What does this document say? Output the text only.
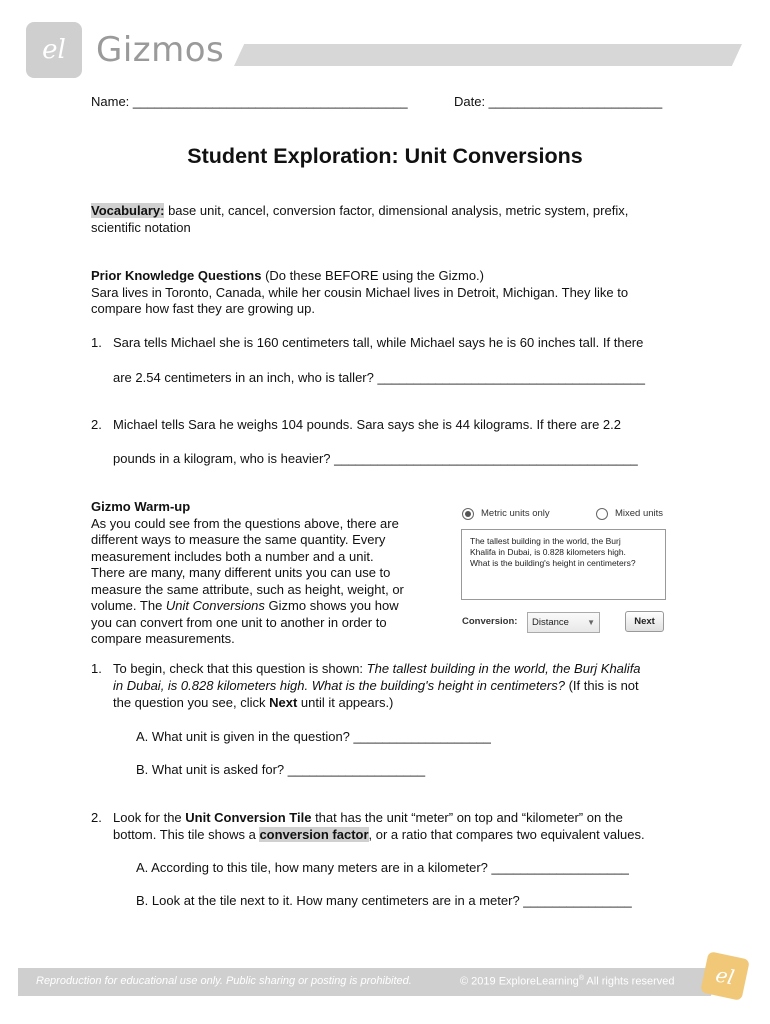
el Gizmos
Name: ______________________________________	Date: ________________________
Student Exploration: Unit Conversions
Vocabulary: base unit, cancel, conversion factor, dimensional analysis, metric system, prefix,
scientific notation
Prior Knowledge Questions (Do these BEFORE using the Gizmo.)
Sara lives in Toronto, Canada, while her cousin Michael lives in Detroit, Michigan. They like to
compare how fast they are growing up.
1. Sara tells Michael she is 160 centimeters tall, while Michael says he is 60 inches tall. If there
are 2.54 centimeters in an inch, who is taller? _____________________________________
2. Michael tells Sara he weighs 104 pounds. Sara says she is 44 kilograms. If there are 2.2
pounds in a kilogram, who is heavier? __________________________________________
Gizmo Warm-up
As you could see from the questions above, there are
different ways to measure the same quantity. Every
measurement includes both a number and a unit.
There are many, many different units you can use to
measure the same attribute, such as height, weight, or
volume. The Unit Conversions Gizmo shows you how
you can convert from one unit to another in order to
compare measurements.
Metric units only	Mixed units
The tallest building in the world, the Burj
Khalifa in Dubai, is 0.828 kilometers high.
What is the building's height in centimeters?
Conversion:	Distance ▼	Next
1. To begin, check that this question is shown: The tallest building in the world, the Burj Khalifa
in Dubai, is 0.828 kilometers high. What is the building's height in centimeters? (If this is not
the question you see, click Next until it appears.)
A. What unit is given in the question? ___________________
B. What unit is asked for? ___________________
2. Look for the Unit Conversion Tile that has the unit “meter” on top and “kilometer” on the
bottom. This tile shows a conversion factor, or a ratio that compares two equivalent values.
A. According to this tile, how many meters are in a kilometer? ___________________
B. Look at the tile next to it. How many centimeters are in a meter? _______________
Reproduction for educational use only. Public sharing or posting is prohibited.	© 2019 ExploreLearning® All rights reserved el
